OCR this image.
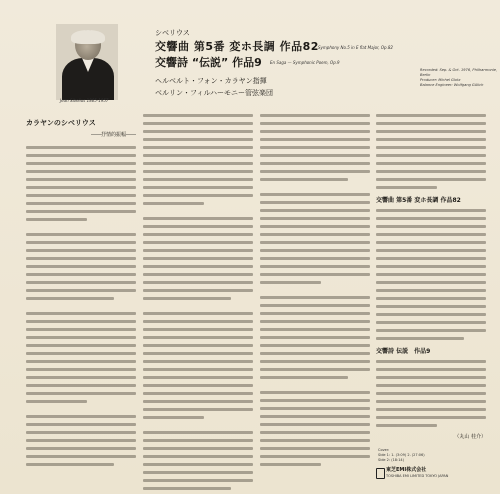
Jean Sibelius 1865-1957
シベリウス
交響曲 第5番 変ホ長調 作品82 Symphony No.5 in E flat Major, Op.82
交響詩 “伝説” 作品9 En Saga — Symphonic Poem, Op.9
ヘルベルト・フォン・カラヤン指揮
ベルリン・フィルハーモニー管弦楽団
Recorded: Sep. & Oct. 1976, Philharmonie, Berlin
Producer: Michel Glotz
Balance Engineer: Wolfgang Gülich
カラヤンのシベリウス
――抒情的振幅――
交響曲 第5番 変ホ長調 作品82
交響詩 伝説　作品9
（丸山 桂介）
Cover:
Side 1: 1. (3:09) 2. (27:06)
Side 2: (18:14)
東芝EMI株式会社
TOSHIBA EMI LIMITED TOKYO JAPAN
